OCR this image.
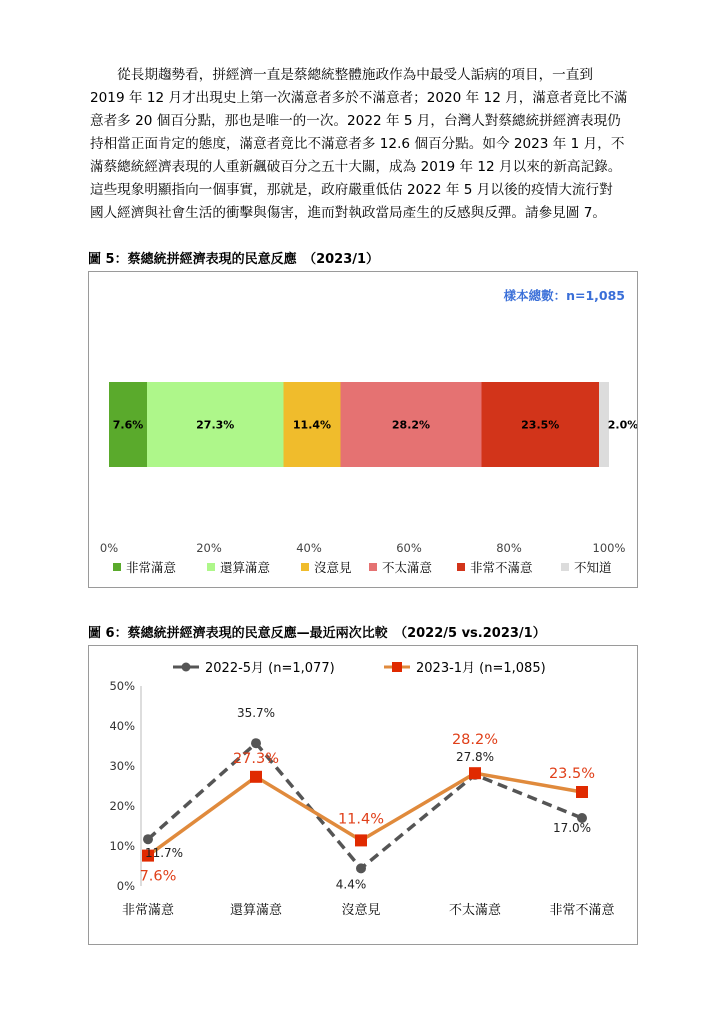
　　從長期趨勢看，拼經濟一直是蔡總統整體施政作為中最受人詬病的項目，一直到
2019 年 12 月才出現史上第一次滿意者多於不滿意者；2020 年 12 月，滿意者竟比不滿
意者多 20 個百分點，那也是唯一的一次。2022 年 5 月，台灣人對蔡總統拼經濟表現仍
持相當正面肯定的態度，滿意者竟比不滿意者多 12.6 個百分點。如今 2023 年 1 月，不
滿蔡總統經濟表現的人重新飆破百分之五十大關，成為 2019 年 12 月以來的新高記錄。
這些現象明顯指向一個事實，那就是，政府嚴重低估 2022 年 5 月以後的疫情大流行對
國人經濟與社會生活的衝擊與傷害，進而對執政當局產生的反感與反彈。請參見圖 7。
圖 5：蔡總統拼經濟表現的民意反應　（2023/1）
樣本總數：n=1,085
7.6%	27.3%	11.4%	28.2%	23.5%	2.0%
0%	20%	40%	60%	80%	100%
非常滿意	還算滿意	沒意見 不太滿意	非常不滿意	不知道
圖 6：蔡總統拼經濟表現的民意反應—最近兩次比較　（2022/5 vs.2023/1）
0%
10%
20%
30%
40%
50%
非常滿意	還算滿意	沒意見	不太滿意	非常不滿意
2022-5月 (n=1,077)	2023-1月 (n=1,085)
11.7%
35.7%
4.4%
27.8%
17.0%
7.6%
27.3%
11.4%
28.2%
23.5%
